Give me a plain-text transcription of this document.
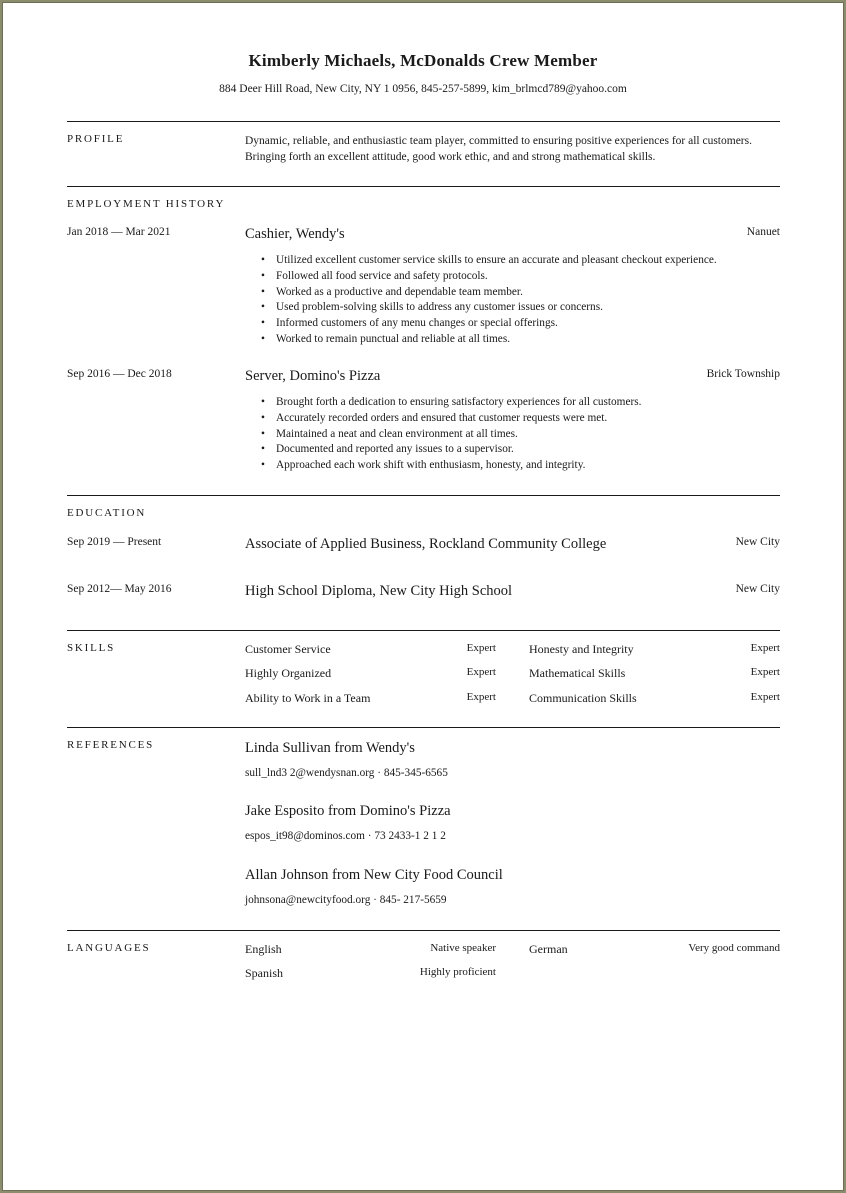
Kimberly Michaels, McDonalds Crew Member
884 Deer Hill Road, New City, NY 1 0956, 845-257-5899, kim_brlmcd789@yahoo.com
PROFILE	Dynamic, reliable, and enthusiastic team player, committed to ensuring positive experiences for all customers.
Bringing forth an excellent attitude, good work ethic, and and strong mathematical skills.
EMPLOYMENT HISTORY
Jan 2018 — Mar 2021	Cashier, Wendy's	Nanuet
• Utilized excellent customer service skills to ensure an accurate and pleasant checkout experience.
• Followed all food service and safety protocols.
• Worked as a productive and dependable team member.
• Used problem-solving skills to address any customer issues or concerns.
• Informed customers of any menu changes or special offerings.
• Worked to remain punctual and reliable at all times.
Sep 2016 — Dec 2018	Server, Domino's Pizza	Brick Township
• Brought forth a dedication to ensuring satisfactory experiences for all customers.
• Accurately recorded orders and ensured that customer requests were met.
• Maintained a neat and clean environment at all times.
• Documented and reported any issues to a supervisor.
• Approached each work shift with enthusiasm, honesty, and integrity.
EDUCATION
Sep 2019 — Present	Associate of Applied Business, Rockland Community College	New City
Sep 2012— May 2016	High School Diploma, New City High School	New City
SKILLS	Customer Service	Expert	Honesty and Integrity	Expert
Highly Organized	Expert	Mathematical Skills	Expert
Ability to Work in a Team	Expert	Communication Skills	Expert
REFERENCES	Linda Sullivan from Wendy's
sull_lnd3 2@wendysnan.org · 845-345-6565
Jake Esposito from Domino's Pizza
espos_it98@dominos.com · 73 2433-1 2 1 2
Allan Johnson from New City Food Council
johnsona@newcityfood.org · 845- 217-5659
LANGUAGES	English	Native speaker	German	Very good command
Spanish	Highly proficient
